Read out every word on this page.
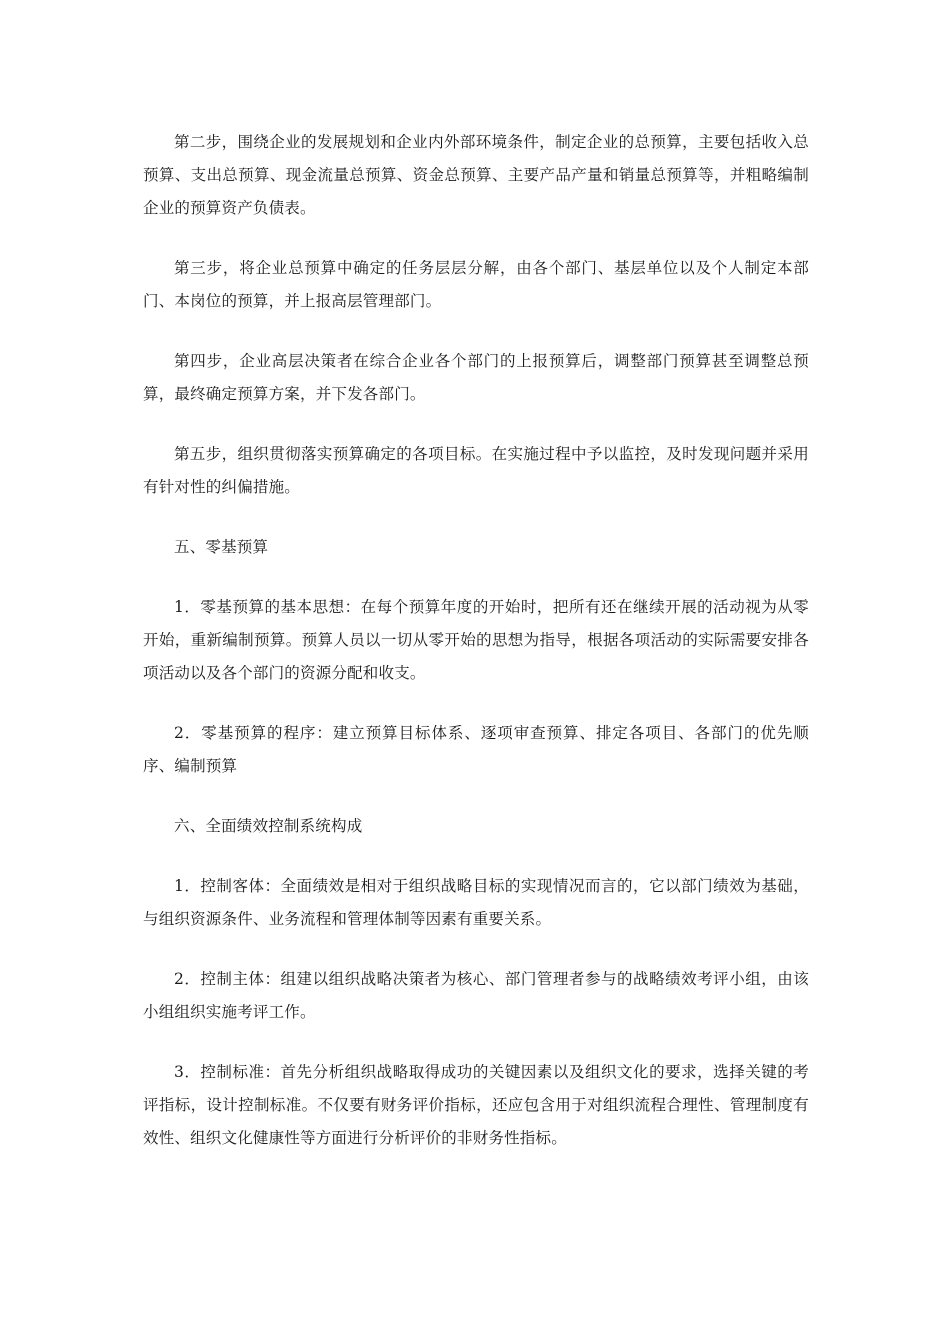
第二步，围绕企业的发展规划和企业内外部环境条件，制定企业的总预算，主要包括收入总预算、支出总预算、现金流量总预算、资金总预算、主要产品产量和销量总预算等，并粗略编制企业的预算资产负债表。

第三步，将企业总预算中确定的任务层层分解，由各个部门、基层单位以及个人制定本部门、本岗位的预算，并上报高层管理部门。

第四步，企业高层决策者在综合企业各个部门的上报预算后，调整部门预算甚至调整总预算，最终确定预算方案，并下发各部门。

第五步，组织贯彻落实预算确定的各项目标。在实施过程中予以监控，及时发现问题并采用有针对性的纠偏措施。

五、零基预算

1．零基预算的基本思想：在每个预算年度的开始时，把所有还在继续开展的活动视为从零开始，重新编制预算。预算人员以一切从零开始的思想为指导，根据各项活动的实际需要安排各项活动以及各个部门的资源分配和收支。

2．零基预算的程序：建立预算目标体系、逐项审查预算、排定各项目、各部门的优先顺序、编制预算

六、全面绩效控制系统构成

1．控制客体：全面绩效是相对于组织战略目标的实现情况而言的，它以部门绩效为基础，与组织资源条件、业务流程和管理体制等因素有重要关系。

2．控制主体：组建以组织战略决策者为核心、部门管理者参与的战略绩效考评小组，由该小组组织实施考评工作。

3．控制标准：首先分析组织战略取得成功的关键因素以及组织文化的要求，选择关键的考评指标，设计控制标准。不仅要有财务评价指标，还应包含用于对组织流程合理性、管理制度有效性、组织文化健康性等方面进行分析评价的非财务性指标。
